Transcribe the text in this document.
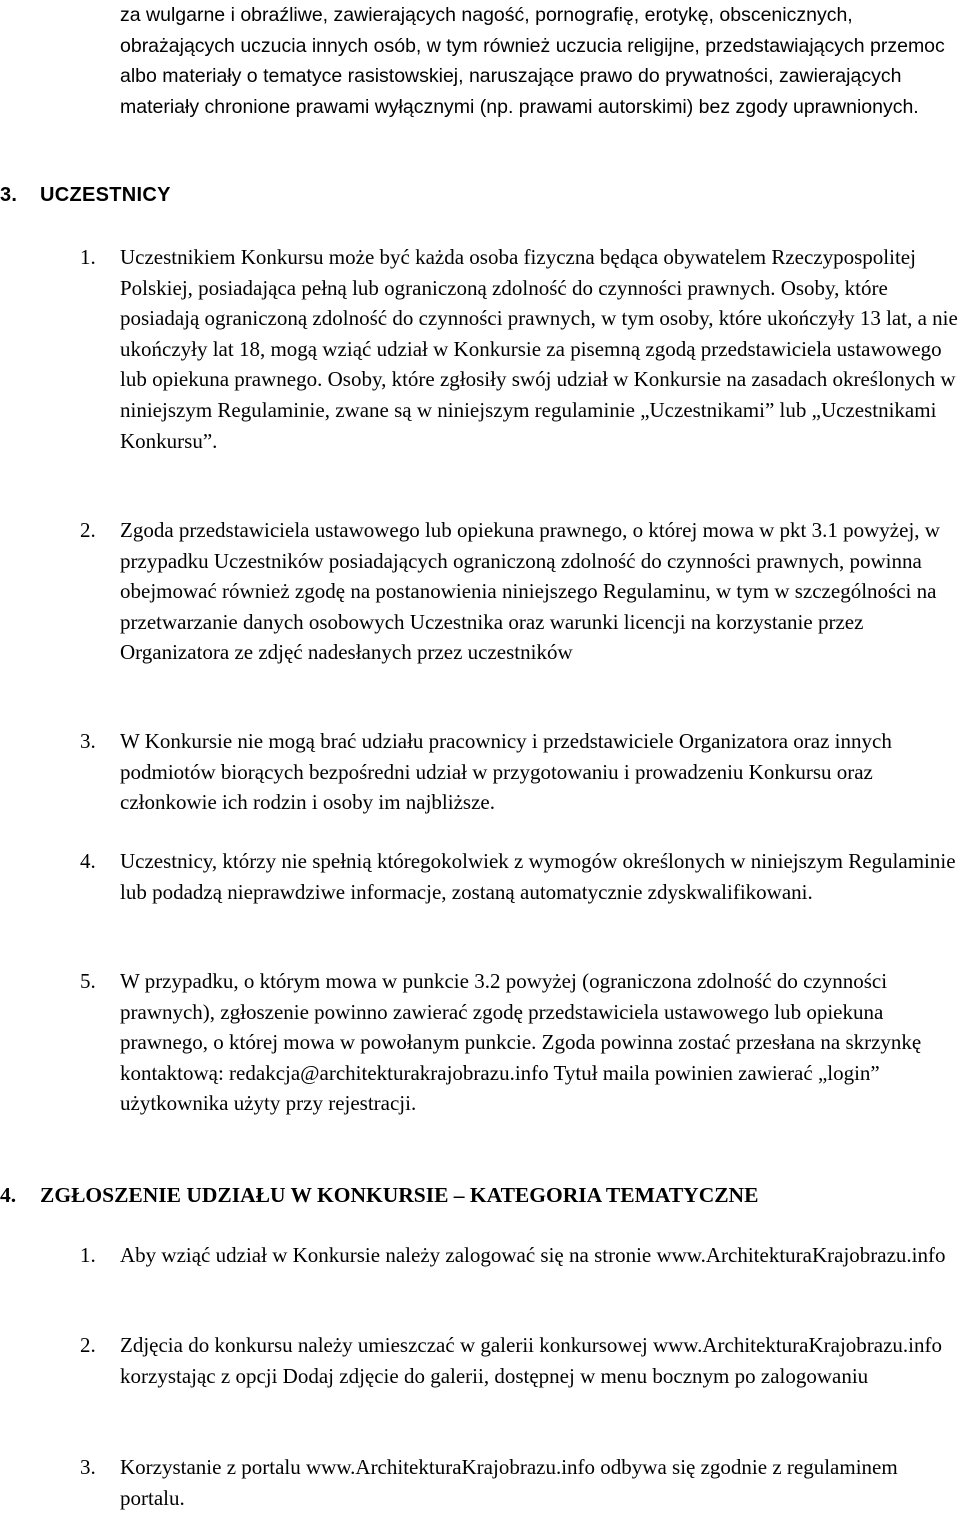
za wulgarne i obraźliwe, zawierających nagość, pornografię, erotykę, obscenicznych, obrażających uczucia innych osób, w tym również uczucia religijne, przedstawiających przemoc albo materiały o tematyce rasistowskiej, naruszające prawo do prywatności, zawierających materiały chronione prawami wyłącznymi (np. prawami autorskimi) bez zgody uprawnionych.

3. UCZESTNICY
1. Uczestnikiem Konkursu może być każda osoba fizyczna będąca obywatelem Rzeczypospolitej Polskiej, posiadająca pełną lub ograniczoną zdolność do czynności prawnych. Osoby, które posiadają ograniczoną zdolność do czynności prawnych, w tym osoby, które ukończyły 13 lat, a nie ukończyły lat 18, mogą wziąć udział w Konkursie za pisemną zgodą przedstawiciela ustawowego lub opiekuna prawnego. Osoby, które zgłosiły swój udział w Konkursie na zasadach określonych w niniejszym Regulaminie, zwane są w niniejszym regulaminie „Uczestnikami” lub „Uczestnikami Konkursu”.

2. Zgoda przedstawiciela ustawowego lub opiekuna prawnego, o której mowa w pkt 3.1 powyżej, w przypadku Uczestników posiadających ograniczoną zdolność do czynności prawnych, powinna obejmować również zgodę na postanowienia niniejszego Regulaminu, w tym w szczególności na przetwarzanie danych osobowych Uczestnika oraz warunki licencji na korzystanie przez Organizatora ze zdjęć nadesłanych przez uczestników

3. W Konkursie nie mogą brać udziału pracownicy i przedstawiciele Organizatora oraz innych podmiotów biorących bezpośredni udział w przygotowaniu i prowadzeniu Konkursu oraz członkowie ich rodzin i osoby im najbliższe.

4. Uczestnicy, którzy nie spełnią któregokolwiek z wymogów określonych w niniejszym Regulaminie lub podadzą nieprawdziwe informacje, zostaną automatycznie zdyskwalifikowani.

5. W przypadku, o którym mowa w punkcie 3.2 powyżej (ograniczona zdolność do czynności prawnych), zgłoszenie powinno zawierać zgodę przedstawiciela ustawowego lub opiekuna prawnego, o której mowa w powołanym punkcie. Zgoda powinna zostać przesłana na skrzynkę kontaktową: redakcja@architekturakrajobrazu.info Tytuł maila powinien zawierać „login” użytkownika użyty przy rejestracji.

4. ZGŁOSZENIE UDZIAŁU W KONKURSIE – KATEGORIA TEMATYCZNE
1. Aby wziąć udział w Konkursie należy zalogować się na stronie www.ArchitekturaKrajobrazu.info

2. Zdjęcia do konkursu należy umieszczać w galerii konkursowej www.ArchitekturaKrajobrazu.info korzystając z opcji Dodaj zdjęcie do galerii, dostępnej w menu bocznym po zalogowaniu

3. Korzystanie z portalu www.ArchitekturaKrajobrazu.info odbywa się zgodnie z regulaminem portalu.
